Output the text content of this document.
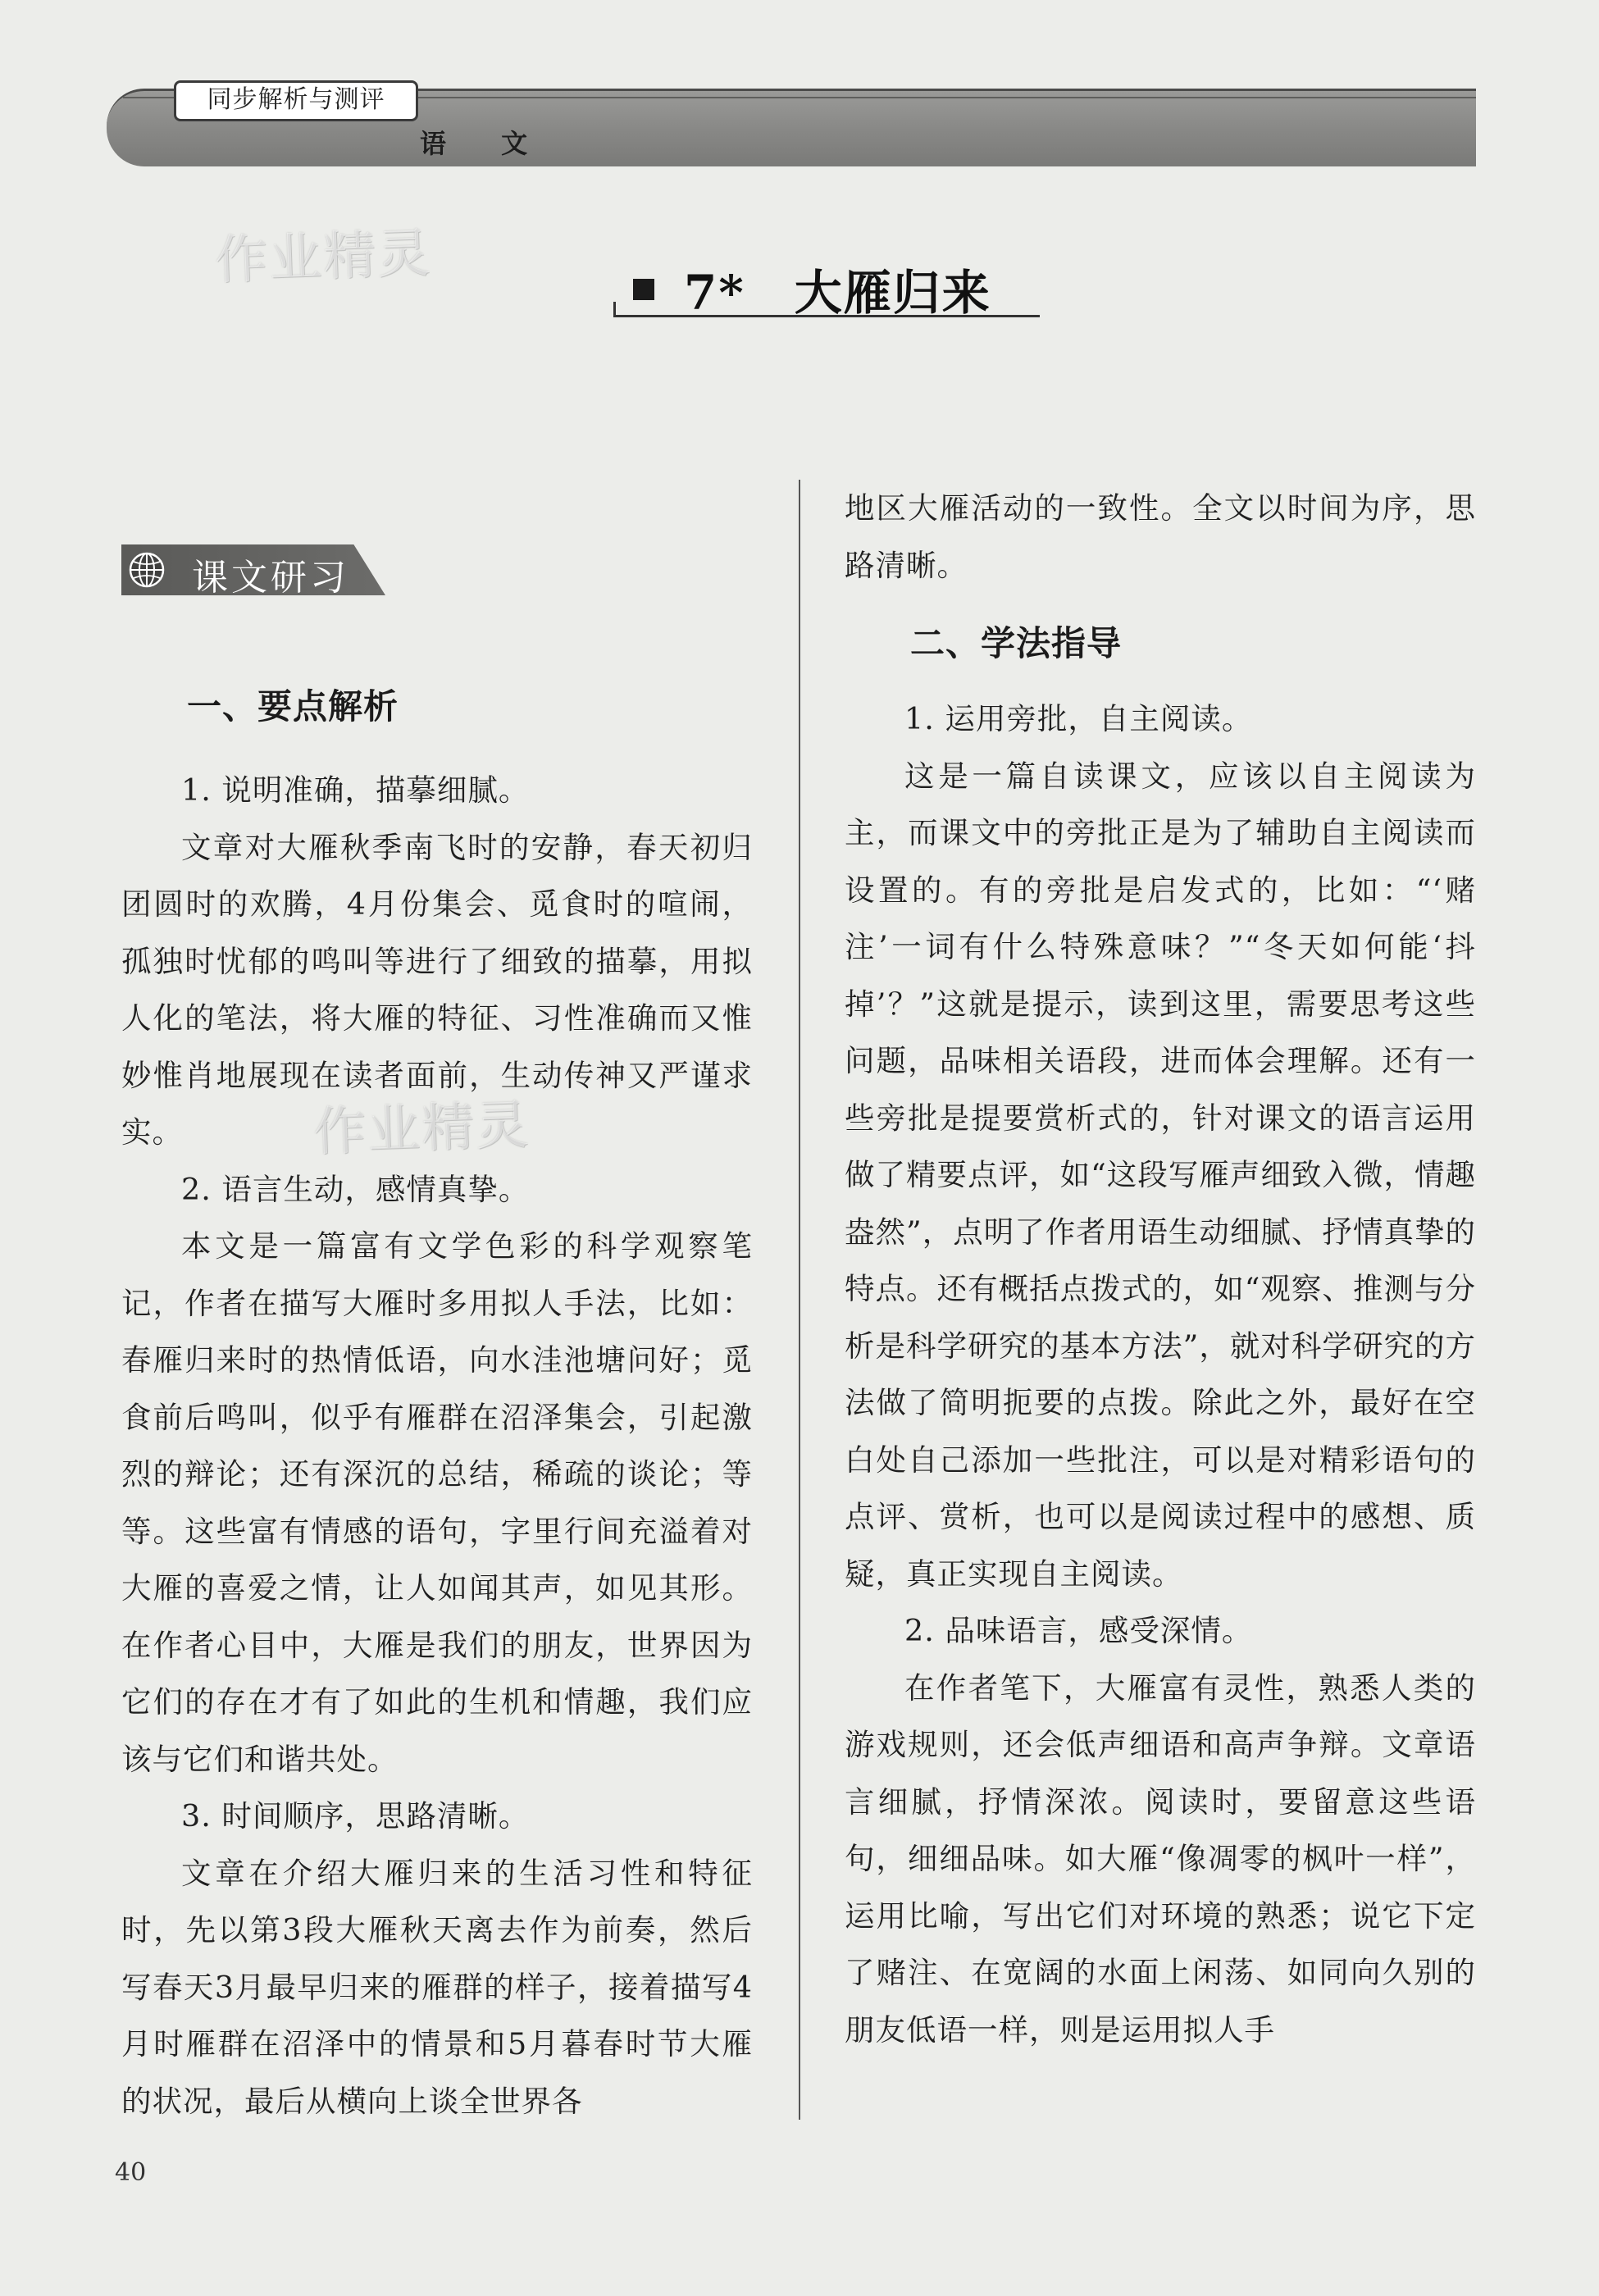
同步解析与测评
语 文
作业精灵
作业精灵
7*　大雁归来
课文研习
一、要点解析

1. 说明准确，描摹细腻。

文章对大雁秋季南飞时的安静，春天初归团圆时的欢腾，4月份集会、觅食时的喧闹，孤独时忧郁的鸣叫等进行了细致的描摹，用拟人化的笔法，将大雁的特征、习性准确而又惟妙惟肖地展现在读者面前，生动传神又严谨求实。

2. 语言生动，感情真挚。

本文是一篇富有文学色彩的科学观察笔记，作者在描写大雁时多用拟人手法，比如：春雁归来时的热情低语，向水洼池塘问好；觅食前后鸣叫，似乎有雁群在沼泽集会，引起激烈的辩论；还有深沉的总结，稀疏的谈论；等等。这些富有情感的语句，字里行间充溢着对大雁的喜爱之情，让人如闻其声，如见其形。在作者心目中，大雁是我们的朋友，世界因为它们的存在才有了如此的生机和情趣，我们应该与它们和谐共处。

3. 时间顺序，思路清晰。

文章在介绍大雁归来的生活习性和特征时，先以第3段大雁秋天离去作为前奏，然后写春天3月最早归来的雁群的样子，接着描写4月时雁群在沼泽中的情景和5月暮春时节大雁的状况，最后从横向上谈全世界各

地区大雁活动的一致性。全文以时间为序，思路清晰。

二、学法指导

1. 运用旁批，自主阅读。

这是一篇自读课文，应该以自主阅读为主，而课文中的旁批正是为了辅助自主阅读而设置的。有的旁批是启发式的，比如：“‘赌注’一词有什么特殊意味？”“冬天如何能‘抖掉’？”这就是提示，读到这里，需要思考这些问题，品味相关语段，进而体会理解。还有一些旁批是提要赏析式的，针对课文的语言运用做了精要点评，如“这段写雁声细致入微，情趣盎然”，点明了作者用语生动细腻、抒情真挚的特点。还有概括点拨式的，如“观察、推测与分析是科学研究的基本方法”，就对科学研究的方法做了简明扼要的点拨。除此之外，最好在空白处自己添加一些批注，可以是对精彩语句的点评、赏析，也可以是阅读过程中的感想、质疑，真正实现自主阅读。

2. 品味语言，感受深情。

在作者笔下，大雁富有灵性，熟悉人类的游戏规则，还会低声细语和高声争辩。文章语言细腻，抒情深浓。阅读时，要留意这些语句，细细品味。如大雁“像凋零的枫叶一样”，运用比喻，写出它们对环境的熟悉；说它下定了赌注、在宽阔的水面上闲荡、如同向久别的朋友低语一样，则是运用拟人手

40
